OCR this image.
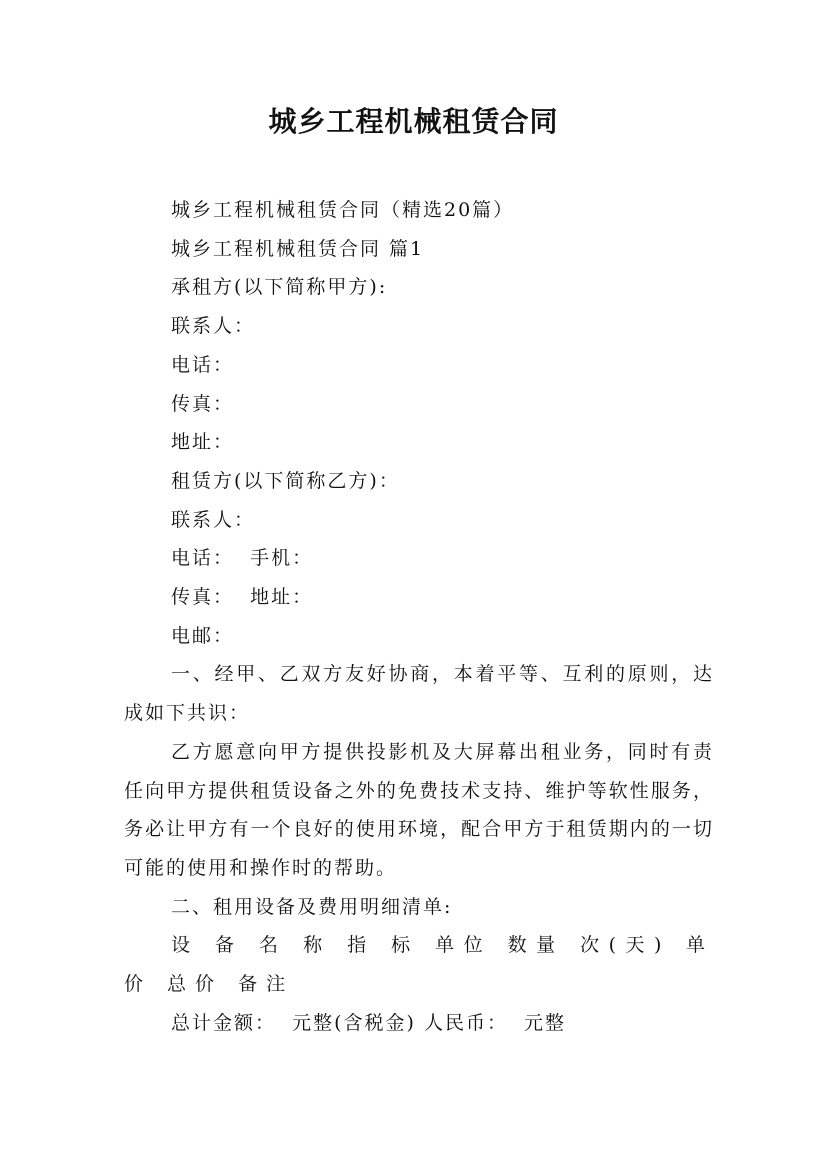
城乡工程机械租赁合同

城乡工程机械租赁合同（精选20篇）

城乡工程机械租赁合同 篇1

承租方(以下简称甲方):

联系人：

电话：

传真：

地址：

租赁方(以下简称乙方)：

联系人：

电话：  手机：

传真：  地址：

电邮：

一、经甲、乙双方友好协商，本着平等、互利的原则，达成如下共识：

乙方愿意向甲方提供投影机及大屏幕出租业务，同时有责任向甲方提供租赁设备之外的免费技术支持、维护等软性服务，务必让甲方有一个良好的使用环境，配合甲方于租赁期内的一切可能的使用和操作时的帮助。

二、租用设备及费用明细清单:

设 备 名 称 指 标 单位 数量 次(天) 单价 总价 备注

总计金额：  元整(含税金) 人民币：  元整
